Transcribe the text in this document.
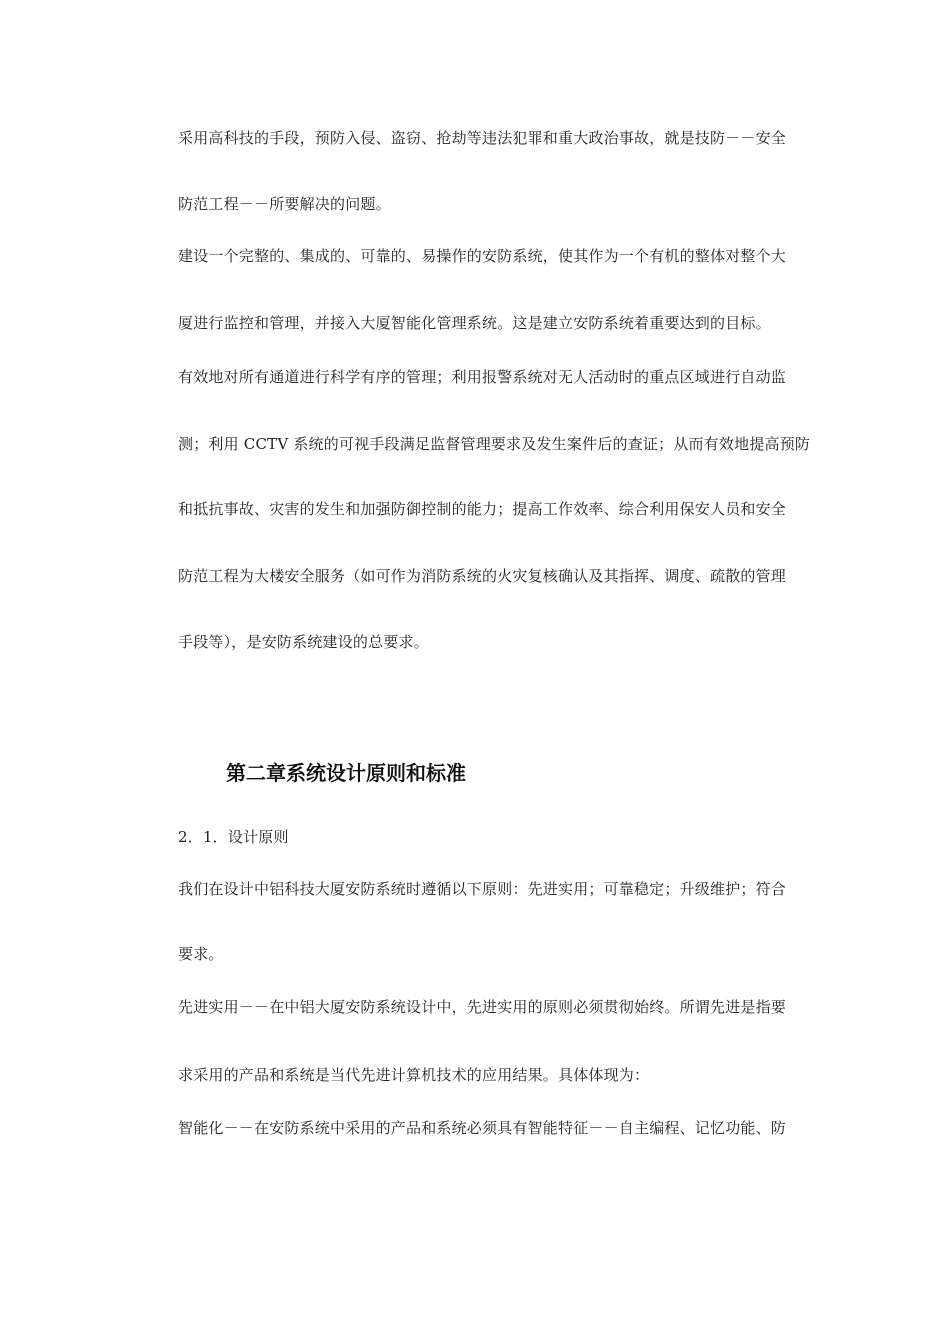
采用高科技的手段，预防入侵、盗窃、抢劫等违法犯罪和重大政治事故，就是技防－－安全
防范工程－－所要解决的问题。
建设一个完整的、集成的、可靠的、易操作的安防系统，使其作为一个有机的整体对整个大
厦进行监控和管理，并接入大厦智能化管理系统。这是建立安防系统着重要达到的目标。
有效地对所有通道进行科学有序的管理；利用报警系统对无人活动时的重点区域进行自动监
测；利用 CCTV 系统的可视手段满足监督管理要求及发生案件后的查证；从而有效地提高预防
和抵抗事故、灾害的发生和加强防御控制的能力；提高工作效率、综合利用保安人员和安全
防范工程为大楼安全服务（如可作为消防系统的火灾复核确认及其指挥、调度、疏散的管理
手段等），是安防系统建设的总要求。
第二章系统设计原则和标准
2．1．设计原则
我们在设计中铝科技大厦安防系统时遵循以下原则：先进实用；可靠稳定；升级维护；符合
要求。
先进实用－－在中铝大厦安防系统设计中，先进实用的原则必须贯彻始终。所谓先进是指要
求采用的产品和系统是当代先进计算机技术的应用结果。具体体现为：
智能化－－在安防系统中采用的产品和系统必须具有智能特征－－自主编程、记忆功能、防
